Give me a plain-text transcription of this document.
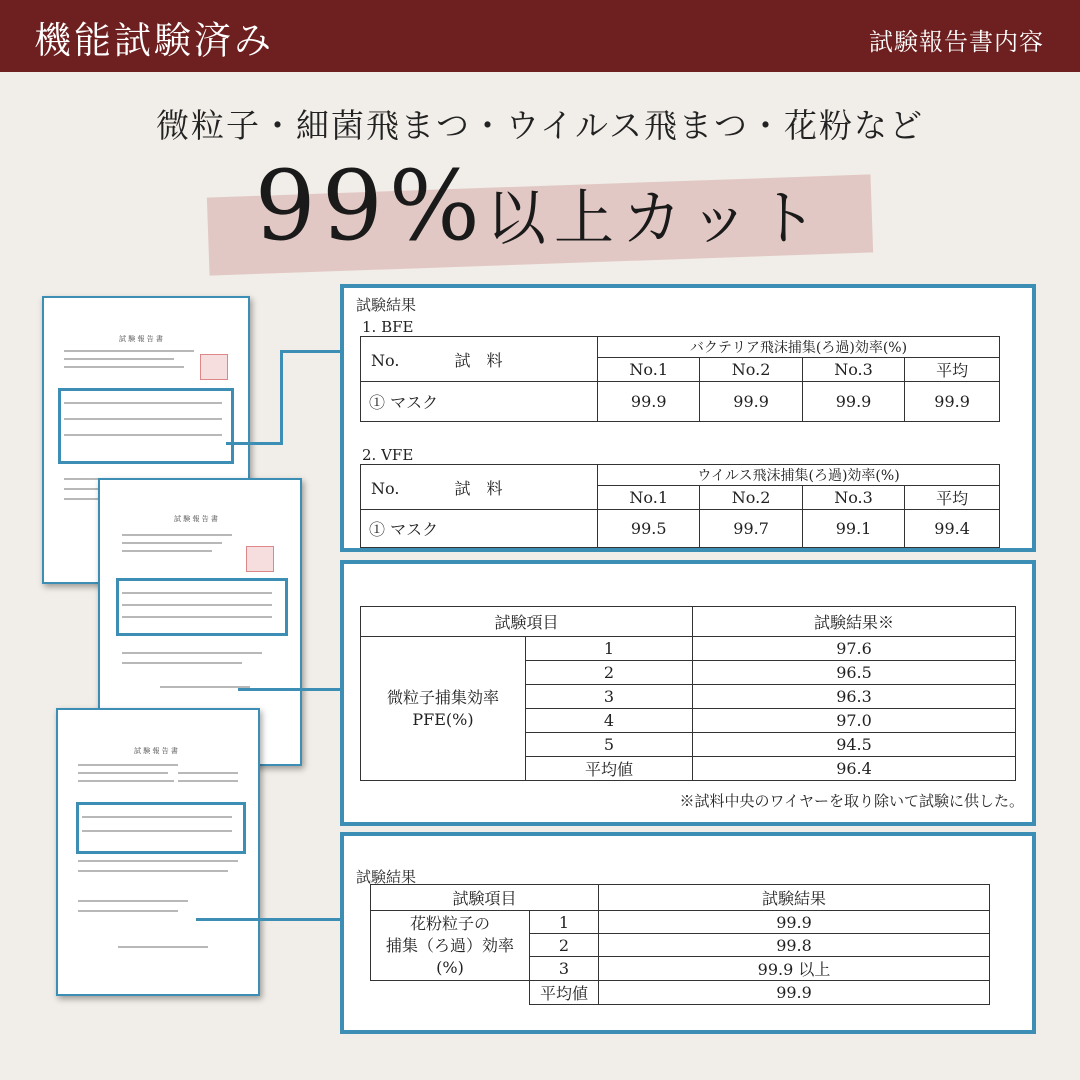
機能試験済み	試験報告書内容
微粒子・細菌飛まつ・ウイルス飛まつ・花粉など
99%以上カット
試 験 報 告 書
試 験 報 告 書
試 験 報 告 書
試験結果
1. BFE
No. 試　料	バクテリア飛沫捕集(ろ過)効率(%)			
	No.1	No.2	No.3	平均
① マスク	99.9	99.9	99.9	99.9
2. VFE
No. 試　料	ウイルス飛沫捕集(ろ過)効率(%)			
	No.1	No.2	No.3	平均
① マスク	99.5	99.7	99.1	99.4
試験項目		試験結果※
微粒子捕集効率
PFE(%)	1	97.6
	2	96.5
	3	96.3
	4	97.0
	5	94.5
	平均値	96.4
※試料中央のワイヤーを取り除いて試験に供した。
試験結果
試験項目		試験結果
花粉粒子の
捕集（ろ過）効率
(%)	1	99.9
	2	99.8
	3	99.9 以上
	平均値	99.9
